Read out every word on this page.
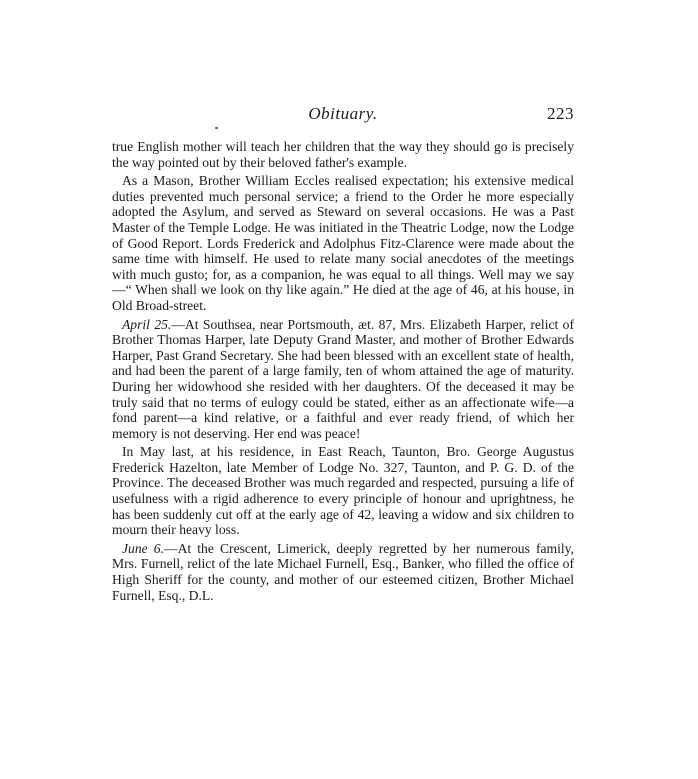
Obituary.	223

true English mother will teach her children that the way they should go is precisely the way pointed out by their beloved father's example.

As a Mason, Brother William Eccles realised expectation; his extensive medical duties prevented much personal service; a friend to the Order he more especially adopted the Asylum, and served as Steward on several occasions. He was a Past Master of the Temple Lodge. He was initiated in the Theatric Lodge, now the Lodge of Good Report. Lords Frederick and Adolphus Fitz-Clarence were made about the same time with himself. He used to relate many social anecdotes of the meetings with much gusto; for, as a companion, he was equal to all things. Well may we say—“ When shall we look on thy like again.” He died at the age of 46, at his house, in Old Broad-street.

April 25.—At Southsea, near Portsmouth, æt. 87, Mrs. Elizabeth Harper, relict of Brother Thomas Harper, late Deputy Grand Master, and mother of Brother Edwards Harper, Past Grand Secretary. She had been blessed with an excellent state of health, and had been the parent of a large family, ten of whom attained the age of maturity. During her widowhood she resided with her daughters. Of the deceased it may be truly said that no terms of eulogy could be stated, either as an affectionate wife—a fond parent—a kind relative, or a faithful and ever ready friend, of which her memory is not deserving. Her end was peace!

In May last, at his residence, in East Reach, Taunton, Bro. George Augustus Frederick Hazelton, late Member of Lodge No. 327, Taunton, and P. G. D. of the Province. The deceased Brother was much regarded and respected, pursuing a life of usefulness with a rigid adherence to every principle of honour and uprightness, he has been suddenly cut off at the early age of 42, leaving a widow and six children to mourn their heavy loss.

June 6.—At the Crescent, Limerick, deeply regretted by her numerous family, Mrs. Furnell, relict of the late Michael Furnell, Esq., Banker, who filled the office of High Sheriff for the county, and mother of our esteemed citizen, Brother Michael Furnell, Esq., D.L.
